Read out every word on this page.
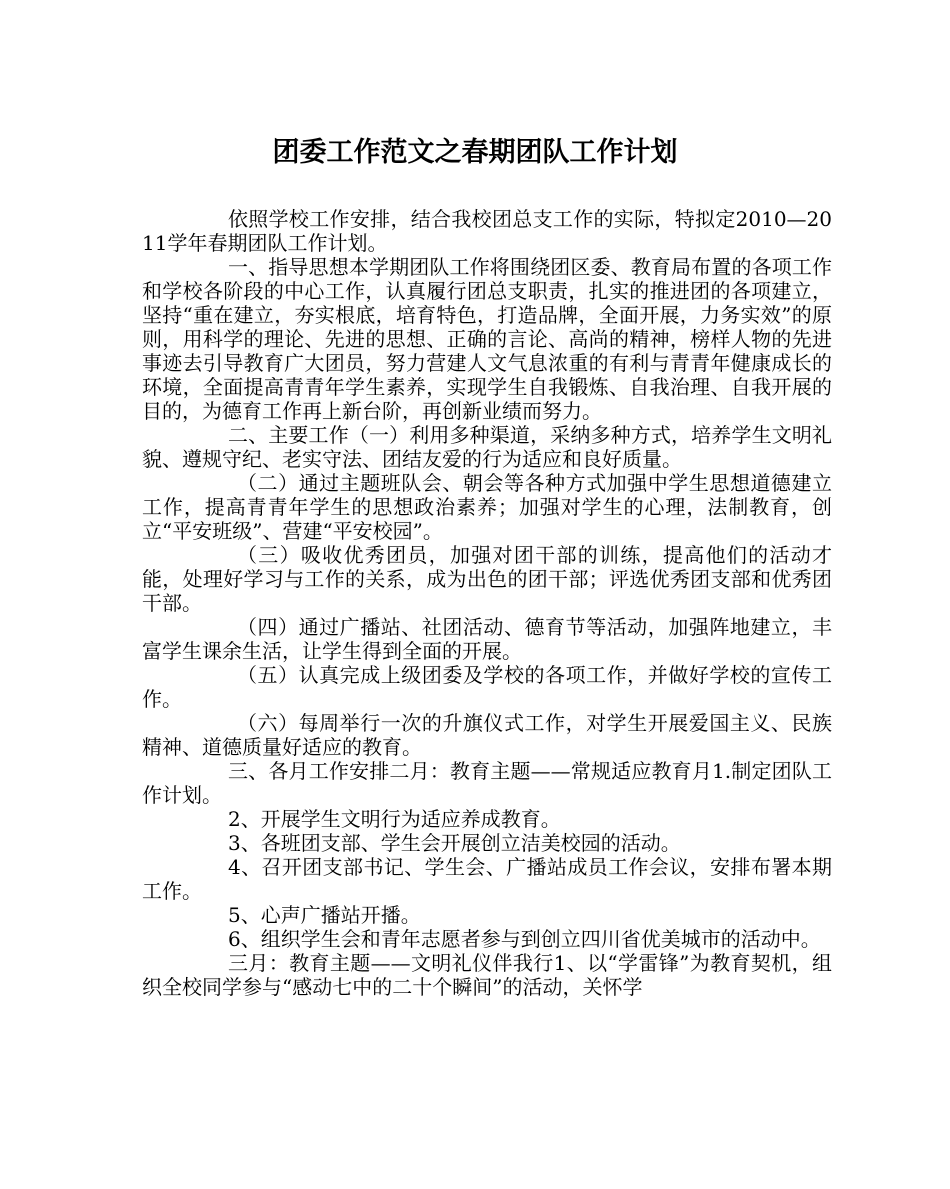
团委工作范文之春期团队工作计划

依照学校工作安排，结合我校团总支工作的实际，特拟定2010—2011学年春期团队工作计划。

一、指导思想本学期团队工作将围绕团区委、教育局布置的各项工作和学校各阶段的中心工作，认真履行团总支职责，扎实的推进团的各项建立，坚持“重在建立，夯实根底，培育特色，打造品牌，全面开展，力务实效”的原则，用科学的理论、先进的思想、正确的言论、高尚的精神，榜样人物的先进事迹去引导教育广大团员，努力营建人文气息浓重的有利与青青年健康成长的环境，全面提高青青年学生素养，实现学生自我锻炼、自我治理、自我开展的目的，为德育工作再上新台阶，再创新业绩而努力。

二、主要工作（一）利用多种渠道，采纳多种方式，培养学生文明礼貌、遵规守纪、老实守法、团结友爱的行为适应和良好质量。

（二）通过主题班队会、朝会等各种方式加强中学生思想道德建立工作，提高青青年学生的思想政治素养；加强对学生的心理，法制教育，创立“平安班级”、营建“平安校园”。

（三）吸收优秀团员，加强对团干部的训练，提高他们的活动才能，处理好学习与工作的关系，成为出色的团干部；评选优秀团支部和优秀团干部。

（四）通过广播站、社团活动、德育节等活动，加强阵地建立，丰富学生课余生活，让学生得到全面的开展。

（五）认真完成上级团委及学校的各项工作，并做好学校的宣传工作。

（六）每周举行一次的升旗仪式工作，对学生开展爱国主义、民族精神、道德质量好适应的教育。

三、各月工作安排二月：教育主题——常规适应教育月1.制定团队工作计划。

2、开展学生文明行为适应养成教育。

3、各班团支部、学生会开展创立洁美校园的活动。

4、召开团支部书记、学生会、广播站成员工作会议，安排布署本期工作。

5、心声广播站开播。

6、组织学生会和青年志愿者参与到创立四川省优美城市的活动中。

三月：教育主题——文明礼仪伴我行1、以“学雷锋”为教育契机，组织全校同学参与“感动七中的二十个瞬间”的活动，关怀学
